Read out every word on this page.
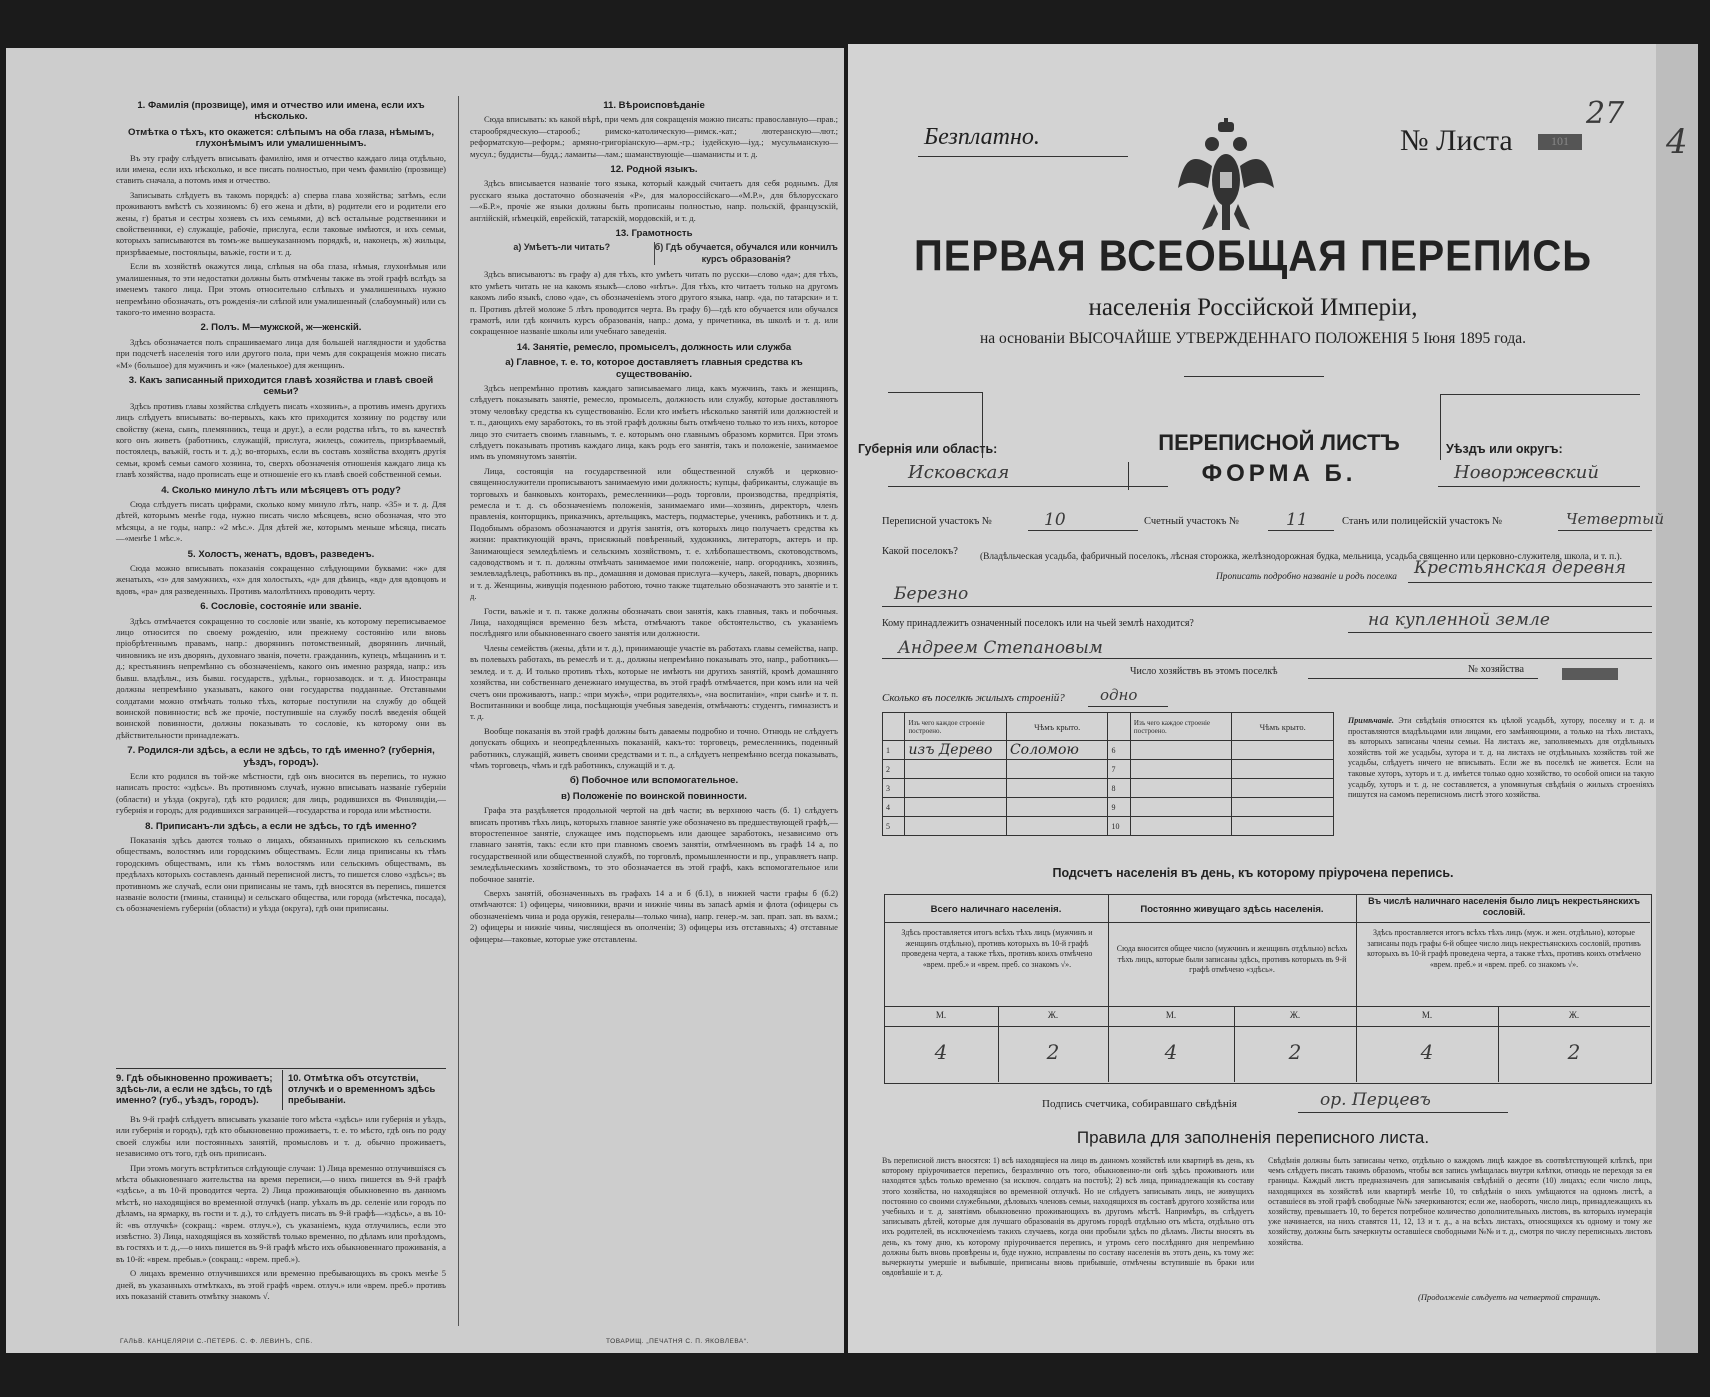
1. Фамилія (прозвище), имя и отчество или имена, если ихъ нѣсколько.
Отмѣтка о тѣхъ, кто окажется: слѣпымъ на оба глаза, нѣмымъ, глухонѣмымъ или умалишеннымъ.

Въ эту графу слѣдуетъ вписывать фамилію, имя и отчество каждаго лица отдѣльно, или имена, если ихъ нѣсколько, и все писать полностью, при чемъ фамилію (прозвище) ставить сначала, а потомъ имя и отчество.

Записывать слѣдуетъ въ такомъ порядкѣ: а) сперва глава хозяйства; затѣмъ, если проживаютъ вмѣстѣ съ хозяиномъ: б) его жена и дѣти, в) родители его и родители его жены, г) братья и сестры хозяевъ съ ихъ семьями, д) всѣ остальные родственники и свойственники, е) служащіе, рабочіе, прислуга, если таковые имѣются, и ихъ семьи, которыхъ записываются въ томъ-же вышеуказанномъ порядкѣ, и, наконецъ, ж) жильцы, призрѣваемые, постояльцы, ваъжіе, гости и т. д.

Если въ хозяйствѣ окажутся лица, слѣпыя на оба глаза, нѣмыя, глухонѣмыя или умалишенныя, то эти недостатки должны быть отмѣчены также въ этой графѣ вслѣдъ за именемъ такого лица. При этомъ относительно слѣпыхъ и умалишенныхъ нужно непремѣнно обозначать, отъ рожденія-ли слѣпой или умалишенный (слабоумный) или съ такого-то именно возраста.

2. Полъ. М—мужской, ж—женскій.

Здѣсь обозначается полъ спрашиваемаго лица для большей наглядности и удобства при подсчетѣ населенія того или другого пола, при чемъ для сокращенія можно писать «М» (большое) для мужчинъ и «ж» (маленькое) для женщинъ.

3. Какъ записанный приходится главѣ хозяйства и главѣ своей семьи?

Здѣсь противъ главы хозяйства слѣдуетъ писать «хозяинъ», а противъ именъ другихъ лицъ слѣдуетъ вписывать: во-первыхъ, какъ кто приходится хозяину по родству или свойству (жена, сынъ, племянникъ, теща и друг.), а если родства нѣтъ, то въ качествѣ кого онъ живетъ (работникъ, служащій, прислуга, жилецъ, сожитель, призрѣваемый, постоялецъ, ваъжій, гость и т. д.); во-вторыхъ, если въ составъ хозяйства входятъ другія семьи, кромѣ семьи самого хозяина, то, сверхъ обозначенія отношенія каждаго лица къ главѣ хозяйства, надо прописать еще и отношеніе его къ главѣ своей собственной семьи.

4. Сколько минуло лѣтъ или мѣсяцевъ отъ роду?

Сюда слѣдуетъ писать цифрами, сколько кому минуло лѣтъ, напр. «35» и т. д. Для дѣтей, которымъ менѣе года, нужно писать число мѣсяцевъ, ясно обозначая, что это мѣсяцы, а не годы, напр.: «2 мѣс.». Для дѣтей же, которымъ меньше мѣсяца, писать—«менѣе 1 мѣс.».

5. Холостъ, женатъ, вдовъ, разведенъ.

Сюда можно вписывать показанія сокращенно слѣдующими буквами: «ж» для женатыхъ, «з» для замужнихъ, «х» для холостыхъ, «д» для дѣвицъ, «вд» для вдовцовъ и вдовъ, «ра» для разведенныхъ. Противъ малолѣтнихъ проводить черту.

6. Сословіе, состояніе или званіе.

Здѣсь отмѣчается сокращенно то сословіе или званіе, къ которому переписываемое лицо относится по своему рожденію, или прежнему состоянію или вновь пріобрѣтеннымъ правамъ, напр.: дворянинъ потомственный, дворянинъ личный, чиновникъ не изъ дворянъ, духовнаго званія, почетн. гражданинъ, купецъ, мѣщанинъ и т. д.; крестьянинъ непремѣнно съ обозначеніемъ, какого онъ именно разряда, напр.: изъ бывш. владѣльч., изъ бывш. государств., удѣльн., горнозаводск. и т. д. Иностранцы должны непремѣнно указывать, какого они государства подданные. Отставными солдатами можно отмѣчать только тѣхъ, которые поступили на службу до общей воинской повинности; всѣ же прочіе, поступившіе на службу послѣ введенія общей воинской повинности, должны показывать то сословіе, къ которому они въ дѣйствительности принадлежатъ.

7. Родился-ли здѣсь, а если не здѣсь, то гдѣ именно? (губернія, уѣздъ, городъ).

Если кто родился въ той-же мѣстности, гдѣ онъ вносится въ перепись, то нужно написать просто: «здѣсь». Въ противномъ случаѣ, нужно вписывать названіе губерніи (области) и уѣзда (округа), гдѣ кто родился; для лицъ, родившихся въ Финляндіи,—губернія и городъ; для родившихся заграницей—государства и города или мѣстности.

8. Приписанъ-ли здѣсь, а если не здѣсь, то гдѣ именно?

Показанія здѣсь даются только о лицахъ, обязанныхъ припискою къ сельскимъ обществамъ, волостямъ или городскимъ обществамъ. Если лица приписаны къ тѣмъ городскимъ обществамъ, или къ тѣмъ волостямъ или сельскимъ обществамъ, въ предѣлахъ которыхъ составленъ данный переписной листъ, то пишется слово «здѣсь»; въ противномъ же случаѣ, если они приписаны не тамъ, гдѣ вносятся въ перепись, пишется названіе волости (гмины, станицы) и сельскаго общества, или города (мѣстечка, посада), съ обозначеніемъ губерніи (области) и уѣзда (округа), гдѣ они приписаны.

9. Гдѣ обыкновенно проживаетъ; здѣсь-ли, а если не здѣсь, то гдѣ именно? (губ., уѣздъ, городъ).
10. Отмѣтка объ отсутствіи, отлучкѣ и о временномъ здѣсь пребываніи.

Въ 9-й графѣ слѣдуетъ вписывать указаніе того мѣста «здѣсь» или губернія и уѣздъ, или губернія и городъ), гдѣ кто обыкновенно проживаетъ, т. е. то мѣсто, гдѣ онъ по роду своей службы или постоянныхъ занятій, промысловъ и т. д. обычно проживаетъ, независимо отъ того, гдѣ онъ приписанъ.

При этомъ могутъ встрѣтиться слѣдующіе случаи: 1) Лица временно отлучившіяся съ мѣста обыкновеннаго жительства на время переписи,—о нихъ пишется въ 9-й графѣ «здѣсь», а въ 10-й проводится черта. 2) Лица проживающія обыкновенно въ данномъ мѣстѣ, но находящіяся во временной отлучкѣ (напр. уѣхалъ въ др. селеніе или городъ по дѣламъ, на ярмарку, въ гости и т. д.), то слѣдуетъ писать въ 9-й графѣ—«здѣсь», а въ 10-й: «въ отлучкѣ» (сокращ.: «врем. отлуч.»), съ указаніемъ, куда отлучились, если это извѣстно. 3) Лица, находящіяся въ хозяйствѣ только временно, по дѣламъ или проѣздомъ, въ гостяхъ и т. д.,—о нихъ пишется въ 9-й графѣ мѣсто ихъ обыкновеннаго проживанія, а въ 10-й: «врем. пребыв.» (сокращ.: «врем. преб.»).

О лицахъ временно отлучившихся или временно пребывающихъ въ срокъ менѣе 5 дней, въ указанныхъ отмѣткахъ, въ этой графѣ «врем. отлуч.» или «врем. преб.» противъ ихъ показаній ставить отмѣтку знакомъ √.

11. Вѣроисповѣданіе

Сюда вписывать: къ какой вѣрѣ, при чемъ для сокращенія можно писать: православную—прав.; старообрядческую—старооб.; римско-католическую—римск.-кат.; лютеранскую—лют.; реформатскую—реформ.; армяно-григоріанскую—арм.-гр.; іудейскую—іуд.; мусульманскую—мусул.; буддисты—будд.; ламаиты—лам.; шаманствующіе—шаманисты и т. д.

12. Родной языкъ.

Здѣсь вписывается названіе того языка, который каждый считаетъ для себя роднымъ. Для русскаго языка достаточно обозначенія «Р», для малороссійскаго—«М.Р.», для бѣлорусскаго—«Б.Р.», прочіе же языки должны быть прописаны полностью, напр. польскій, французскій, англійскій, нѣмецкій, еврейскій, татарскій, мордовскій, и т. д.

13. Грамотность
а) Умѣетъ-ли читать?	б) Гдѣ обучается, обучался или кончилъ курсъ образованія?

Здѣсь вписываютъ: въ графу а) для тѣхъ, кто умѣетъ читать по русски—слово «да»; для тѣхъ, кто умѣетъ читать не на какомъ языкѣ—слово «нѣтъ». Для тѣхъ, кто читаетъ только на другомъ какомъ либо языкѣ, слово «да», съ обозначеніемъ этого другого языка, напр. «да, по татарски» и т. п. Противъ дѣтей моложе 5 лѣтъ проводится черта. Въ графу б)—гдѣ кто обучается или обучался грамотѣ, или гдѣ кончилъ курсъ образованія, напр.: дома, у причетника, въ школѣ и т. д. или сокращенное названіе школы или учебнаго заведенія.

14. Занятіе, ремесло, промыселъ, должность или служба
а) Главное, т. е. то, которое доставляетъ главныя средства къ существованію.

Здѣсь непремѣнно противъ каждаго записываемаго лица, какъ мужчинъ, такъ и женщинъ, слѣдуетъ показывать занятіе, ремесло, промыселъ, должность или службу, которые доставляютъ этому человѣку средства къ существованію. Если кто имѣетъ нѣсколько занятій или должностей и т. п., дающихъ ему заработокъ, то въ этой графѣ должны быть отмѣчено только то изъ нихъ, которое лицо это считаетъ своимъ главнымъ, т. е. которымъ оно главнымъ образомъ кормится. При этомъ слѣдуетъ показывать противъ каждаго лица, какъ родъ его занятія, такъ и положеніе, занимаемое имъ въ упомянутомъ занятіи.

Лица, состоящія на государственной или общественной службѣ и церковно-священнослужители прописываютъ занимаемую ими должность; купцы, фабриканты, служащіе въ торговыхъ и банковыхъ конторахъ, ремесленники—родъ торговли, производства, предпріятія, ремесла и т. д. съ обозначеніемъ положенія, занимаемаго ими—хозяинъ, директоръ, членъ правленія, конторщикъ, приказчикъ, артельщикъ, мастеръ, подмастерье, ученикъ, работникъ и т. д. Подобнымъ образомъ обозначаются и другія занятія, отъ которыхъ лицо получаетъ средства къ жизни: практикующій врачъ, присяжный повѣренный, художникъ, литераторъ, актеръ и пр. Занимающіеся земледѣліемъ и сельскимъ хозяйствомъ, т. е. хлѣбопашествомъ, скотоводствомъ, садоводствомъ и т. п. должны отмѣчать занимаемое ими положеніе, напр. огородникъ, хозяинъ, землевладѣлецъ, работникъ въ пр., домашняя и домовая прислуга—кучеръ, лакей, поваръ, дворникъ и т. д. Женщины, живущія поденною работою, точно также тщательно обозначаютъ это занятіе и т. д.

Гости, ваъжіе и т. п. также должны обозначать свои занятія, какъ главныя, такъ и побочныя. Лица, находящіяся временно безъ мѣста, отмѣчаютъ такое обстоятельство, съ указаніемъ послѣдняго или обыкновеннаго своего занятія или должности.

Члены семействъ (жены, дѣти и т. д.), принимающіе участіе въ работахъ главы семейства, напр. въ полевыхъ работахъ, въ ремеслѣ и т. д., должны непремѣнно показывать это, напр., работникъ—землед. и т. д. И только противъ тѣхъ, которые не имѣютъ ни другихъ занятій, кромѣ домашняго хозяйства, ни собственнаго денежнаго имущества, въ этой графѣ отмѣчается, при комъ или на чей счетъ они проживаютъ, напр.: «при мужѣ», «при родителяхъ», «на воспитаніи», «при сынѣ» и т. п. Воспитанники и вообще лица, посѣщающія учебныя заведенія, отмѣчаютъ: студентъ, гимназистъ и т. д.

Вообще показанія въ этой графѣ должны быть даваемы подробно и точно. Отнюдь не слѣдуетъ допускать общихъ и неопредѣленныхъ показаній, какъ-то: торговецъ, ремесленникъ, поденный работникъ, служащій, живетъ своими средствами и т. п., а слѣдуетъ непремѣнно всегда показывать, чѣмъ торговецъ, чѣмъ и гдѣ работникъ, служащій и т. д.

б) Побочное или вспомогательное.
в) Положеніе по воинской повинности.

Графа эта раздѣляется продольной чертой на двѣ части; въ верхнюю часть (б. 1) слѣдуетъ вписать противъ тѣхъ лицъ, которыхъ главное занятіе уже обозначено въ предшествующей графѣ,—второстепенное занятіе, служащее имъ подспорьемъ или дающее заработокъ, независимо отъ главнаго занятія, такъ: если кто при главномъ своемъ занятіи, отмѣченномъ въ графѣ 14 а, по государственной или общественной службѣ, по торговлѣ, промышленности и пр., управляетъ напр. земледѣльческимъ хозяйствомъ, то это обозначается въ этой графѣ, какъ вспомогательное или побочное занятіе.

Сверхъ занятій, обозначенныхъ въ графахъ 14 а и б (б.1), в нижней части графы б (б.2) отмѣчаются: 1) офицеры, чиновники, врачи и нижніе чины въ запасѣ армія и флота (офицеры съ обозначеніемъ чина и рода оружія, генералы—только чина), напр. генер.-м. зап. прап. зап. въ вахм.; 2) офицеры и нижніе чины, числящіеся въ ополченіи; 3) офицеры изъ отставныхъ; 4) отставные офицеры—таковые, которые уже отставлены.

ГАЛЬВ. КАНЦЕЛЯРІИ С.-ПЕТЕРБ. С. Ф. ЛЕВИНЪ, СПБ.	ТОВАРИЩ. „ПЕЧАТНЯ С. П. ЯКОВЛЕВА“.
Безплатно.	№ Листа	101
27
4
ПЕРВАЯ ВСЕОБЩАЯ ПЕРЕПИСЬ
населенія Россійской Имперіи,
на основаніи ВЫСОЧАЙШЕ УТВЕРЖДЕННАГО ПОЛОЖЕНІЯ 5 Іюня 1895 года.
Губернія или область:
Исковская
ПЕРЕПИСНОЙ ЛИСТЪ
ФОРМА Б.
Уѣздъ или округъ:
Новоржевский
Переписной участокъ №	10	Счетный участокъ №	11	Станъ или полицейскій участокъ №	Четвертый
Какой поселокъ? (Владѣльческая усадьба, фабричный поселокъ, лѣсная сторожка, желѣзнодорожная будка, мельница, усадьба священно или церковно-служителя, школа, и т. п.).
Прописать подробно названіе и родъ поселка Крестьянская деревня
Березно
Кому принадлежитъ означенный поселокъ или на чьей землѣ находится?	на купленной земле
Андреем Степановым
Число хозяйствъ въ этомъ поселкѣ	№ хозяйства
Сколько въ поселкѣ жилыхъ строеній? одно
	Изъ чего каждое строеніе построено.	Чѣмъ крыто.		Изъ чего каждое строеніе построено.	Чѣмъ крыто.
1	изъ Дерево	Соломою	6		
2			7		
3			8		
4			9		
5			10		
Примѣчаніе. Эти свѣдѣнія относятся къ цѣлой усадьбѣ, хутору, поселку и т. д. и проставляются владѣльцами или лицами, его замѣняющими, а только на тѣхъ листахъ, въ которыхъ записаны члены семьи. На листахъ же, заполняемыхъ для отдѣльныхъ хозяйствъ той же усадьбы, хутора и т. д. на листахъ не отдѣльныхъ хозяйствъ той же усадьбы, слѣдуетъ ничего не вписывать. Если же въ поселкѣ не живется. Если на таковые хуторъ, хуторъ и т. д. имѣется только одно хозяйство, то особой описи на такую усадьбу, хуторъ и т. д. не составляется, а упомянутыя свѣдѣнія о жилыхъ строеніяхъ пишутся на самомъ переписномъ листѣ этого хозяйства.
Подсчетъ населенія въ день, къ которому пріурочена перепись.
Всего наличнаго населенія.	Постоянно живущаго здѣсь населенія.
Въ числѣ наличнаго населенія было лицъ некрестьянскихъ сословій.
Здѣсь проставляется итогъ всѣхъ тѣхъ лицъ (мужчинъ и женщинъ отдѣльно), противъ которыхъ въ 10-й графѣ проведена черта, а также тѣхъ, противъ коихъ отмѣчено «врем. преб.» и «врем. преб. со знакомъ √».
Сюда вносится общее число (мужчинъ и женщинъ отдѣльно) всѣхъ тѣхъ лицъ, которые были записаны здѣсь, противъ которыхъ въ 9-й графѣ отмѣчено «здѣсь».
Здѣсь проставляется итогъ всѣхъ тѣхъ лицъ (муж. и жен. отдѣльно), которые записаны подъ графы 6-й общее число лицъ некрестьянскихъ сословій, противъ которыхъ въ 10-й графѣ проведена черта, а также тѣхъ, противъ коихъ отмѣчено «врем. преб.» и «врем. преб. со знакомъ √».
М.	Ж.	М.	Ж.	М.	Ж.
4	2	4	2	4	2
Подпись счетчика, собиравшаго свѣдѣнія	ор. Перцевъ
Правила для заполненія переписного листа.
Въ переписной листъ вносятся: 1) всѣ находящіеся на лицо въ данномъ хозяйствѣ или квартирѣ въ день, къ которому пріурочивается перепись, безразлично отъ того, обыкновенно-ли онѣ здѣсь проживаютъ или находятся здѣсь только временно (за исключ. солдатъ на постоѣ); 2) всѣ лица, принадлежащія къ составу этого хозяйства, но находящіяся во временной отлучкѣ. Но не слѣдуетъ записывать лицъ, не живущихъ постоянно со своими служебными, дѣловыхъ членовъ семьи, находящихся въ составѣ другого хозяйства или учебныхъ и т. д. занятіямъ обыкновенно проживающихъ въ другомъ мѣстѣ. Напримѣръ, въ слѣдуетъ записывать дѣтей, которые для лучшаго образованія въ другомъ городѣ отдѣльно отъ мѣста, отдѣльно отъ ихъ родителей, въ исключеніемъ такихъ случаевъ, когда они пробыли здѣсь по дѣламъ. Листы вносятъ въ день, къ тому дню, къ которому пріурочивается перепись, и утромъ сего послѣдняго дня непремѣнно должны быть вновь провѣрены и, буде нужно, исправлены по составу населенія въ этотъ день, къ тому же: вычеркнуты умершіе и выбывшіе, приписаны вновь прибывшіе, отмѣчены вступившіе въ браки или овдовѣвшіе и т. д.
Свѣдѣнія должны быть записаны четко, отдѣльно о каждомъ лицѣ каждое въ соотвѣтствующей клѣткѣ, при чемъ слѣдуетъ писать такимъ образомъ, чтобы вся запись умѣщалась внутри клѣтки, отнюдь не переходя за ея границы. Каждый листъ предназначенъ для записыванія свѣдѣній о десяти (10) лицахъ; если число лицъ, находящихся въ хозяйствѣ или квартирѣ менѣе 10, то свѣдѣнія о нихъ умѣщаются на одномъ листѣ, а оставшіеся въ этой графѣ свободные №№ зачеркиваются; если же, наоборотъ, число лицъ, принадлежащихъ къ хозяйству, превышаетъ 10, то берется потребное количество дополнительныхъ листовъ, въ которыхъ нумерація уже начинается, на нихъ ставятся 11, 12, 13 и т. д., а на всѣхъ листахъ, относящихся къ одному и тому же хозяйству, должны быть зачеркнуты оставшіеся свободными №№ и т. д., смотря по числу переписныхъ листовъ хозяйства.
(Продолженіе слѣдуетъ на четвертой страницѣ.
